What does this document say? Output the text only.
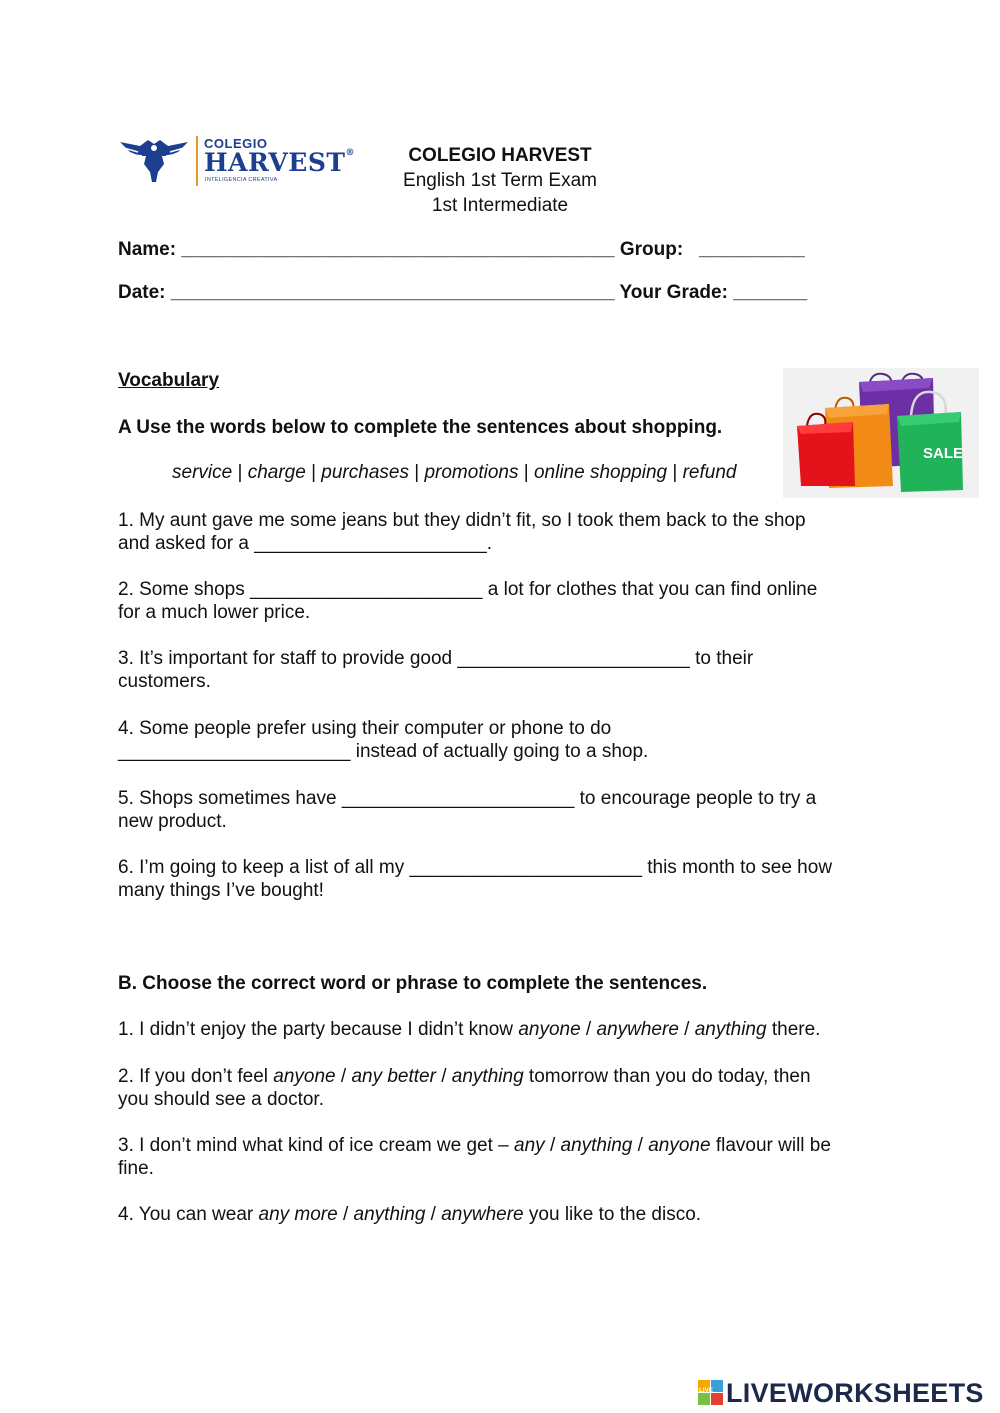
COLEGIO
HARVEST®
INTELIGENCIA CREATIVA
COLEGIO HARVEST
English 1st Term Exam
1st Intermediate
Name: _________________________________________ Group:   __________
Date: __________________________________________ Your Grade: _______
Vocabulary
A Use the words below to complete the sentences about shopping.
service | charge | purchases | promotions | online shopping | refund
SALE
1. My aunt gave me some jeans but they didn’t fit, so I took them back to the shop
and asked for a ______________________.
2. Some shops ______________________ a lot for clothes that you can find online
for a much lower price.
3. It’s important for staff to provide good ______________________ to their
customers.
4. Some people prefer using their computer or phone to do
______________________ instead of actually going to a shop.
5. Shops sometimes have ______________________ to encourage people to try a
new product.
6. I’m going to keep a list of all my ______________________ this month to see how
many things I’ve bought!
B. Choose the correct word or phrase to complete the sentences.
1. I didn’t enjoy the party because I didn’t know anyone / anywhere / anything there.
2. If you don’t feel anyone / any better / anything tomorrow than you do today, then
you should see a doctor.
3. I don’t mind what kind of ice cream we get – any / anything / anyone flavour will be
fine.
4. You can wear any more / anything / anywhere you like to the disco.
LIVE LIVEWORKSHEETS
